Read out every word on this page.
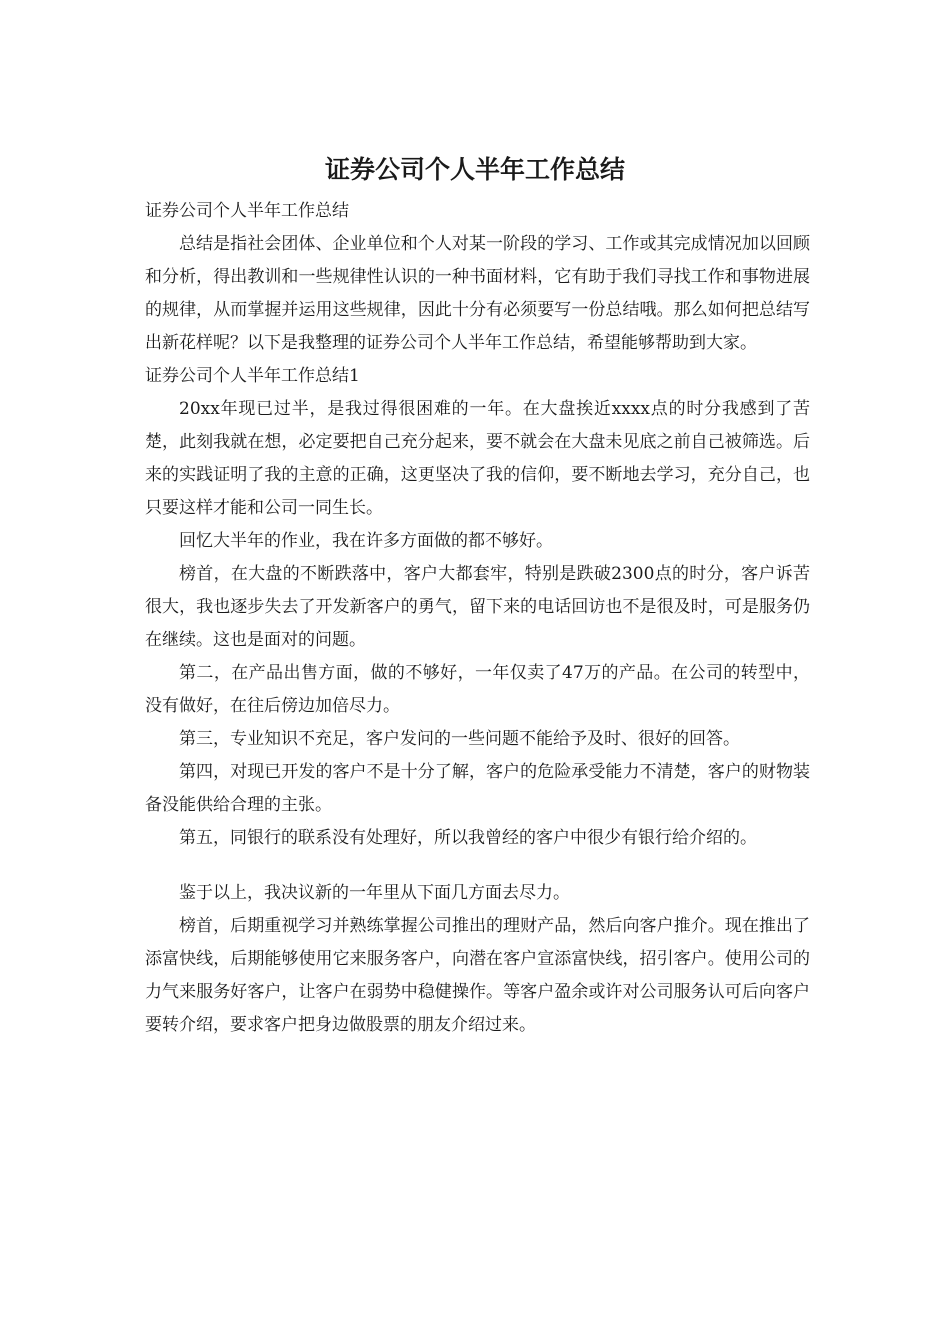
证券公司个人半年工作总结

证券公司个人半年工作总结

总结是指社会团体、企业单位和个人对某一阶段的学习、工作或其完成情况加以回顾和分析，得出教训和一些规律性认识的一种书面材料，它有助于我们寻找工作和事物进展的规律，从而掌握并运用这些规律，因此十分有必须要写一份总结哦。那么如何把总结写出新花样呢？以下是我整理的证券公司个人半年工作总结，希望能够帮助到大家。

证券公司个人半年工作总结1

20xx年现已过半，是我过得很困难的一年。在大盘挨近xxxx点的时分我感到了苦楚，此刻我就在想，必定要把自己充分起来，要不就会在大盘未见底之前自己被筛选。后来的实践证明了我的主意的正确，这更坚决了我的信仰，要不断地去学习，充分自己，也只要这样才能和公司一同生长。

回忆大半年的作业，我在许多方面做的都不够好。

榜首，在大盘的不断跌落中，客户大都套牢，特别是跌破2300点的时分，客户诉苦很大，我也逐步失去了开发新客户的勇气，留下来的电话回访也不是很及时，可是服务仍在继续。这也是面对的问题。

第二，在产品出售方面，做的不够好，一年仅卖了47万的产品。在公司的转型中，没有做好，在往后傍边加倍尽力。

第三，专业知识不充足，客户发问的一些问题不能给予及时、很好的回答。

第四，对现已开发的客户不是十分了解，客户的危险承受能力不清楚，客户的财物装备没能供给合理的主张。

第五，同银行的联系没有处理好，所以我曾经的客户中很少有银行给介绍的。

鉴于以上，我决议新的一年里从下面几方面去尽力。

榜首，后期重视学习并熟练掌握公司推出的理财产品，然后向客户推介。现在推出了添富快线，后期能够使用它来服务客户，向潜在客户宣添富快线，招引客户。使用公司的力气来服务好客户，让客户在弱势中稳健操作。等客户盈余或许对公司服务认可后向客户要转介绍，要求客户把身边做股票的朋友介绍过来。
